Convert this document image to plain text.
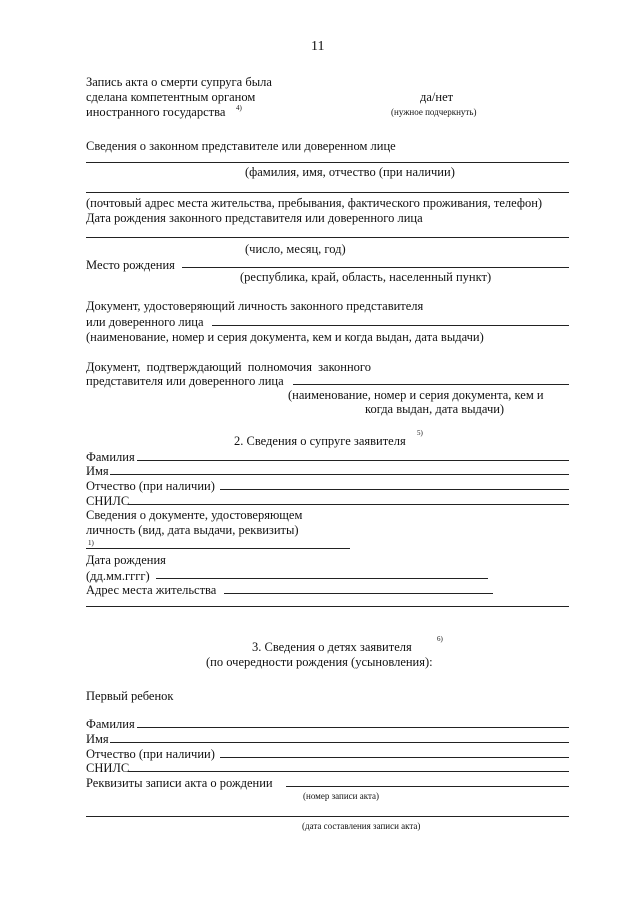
11
Запись акта о смерти супруга была
сделана компетентным органом
иностранного государства 4)
да/нет
(нужное подчеркнуть)
Сведения о законном представителе или доверенном лице
(фамилия, имя, отчество (при наличии)
(почтовый адрес места жительства, пребывания, фактического проживания, телефон)
Дата рождения законного представителя или доверенного лица
(число, месяц, год)
Место рождения
(республика, край, область, населенный пункт)
Документ, удостоверяющий личность законного представителя
или доверенного лица
(наименование, номер и серия документа, кем и когда выдан, дата выдачи)
Документ, подтверждающий полномочия законного
представителя или доверенного лица
(наименование, номер и серия документа, кем и
когда выдан, дата выдачи)
2. Сведения о супруге заявителя
5)
Фамилия
Имя
Отчество (при наличии)
СНИЛС
Сведения о документе, удостоверяющем
личность (вид, дата выдачи, реквизиты)
1)
Дата рождения
(дд.мм.гггг)
Адрес места жительства
3. Сведения о детях заявителя
6)
(по очередности рождения (усыновления):
Первый ребенок
Фамилия
Имя
Отчество (при наличии)
СНИЛС
Реквизиты записи акта о рождении
(номер записи акта)
(дата составления записи акта)
